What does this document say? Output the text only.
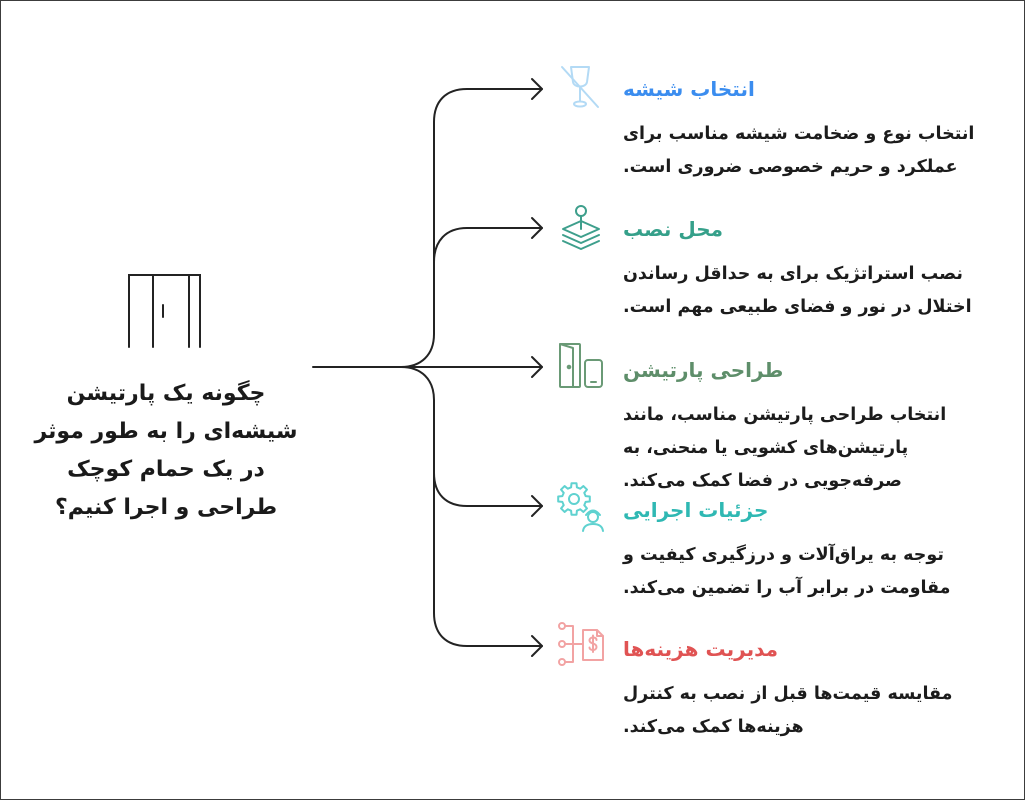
چگونه یک پارتیشن
شیشه‌ای را به طور موثر
در یک حمام کوچک
طراحی و اجرا کنیم؟
انتخاب شیشه
انتخاب نوع و ضخامت شیشه مناسب برای
عملکرد و حریم خصوصی ضروری است.
محل نصب
نصب استراتژیک برای به حداقل رساندن
اختلال در نور و فضای طبیعی مهم است.
طراحی پارتیشن
انتخاب طراحی پارتیشن مناسب، مانند
پارتیشن‌های کشویی یا منحنی، به
صرفه‌جویی در فضا کمک می‌کند.
جزئیات اجرایی
توجه به یراق‌آلات و درزگیری کیفیت و
مقاومت در برابر آب را تضمین می‌کند.
مدیریت هزینه‌ها
مقایسه قیمت‌ها قبل از نصب به کنترل
هزینه‌ها کمک می‌کند.
